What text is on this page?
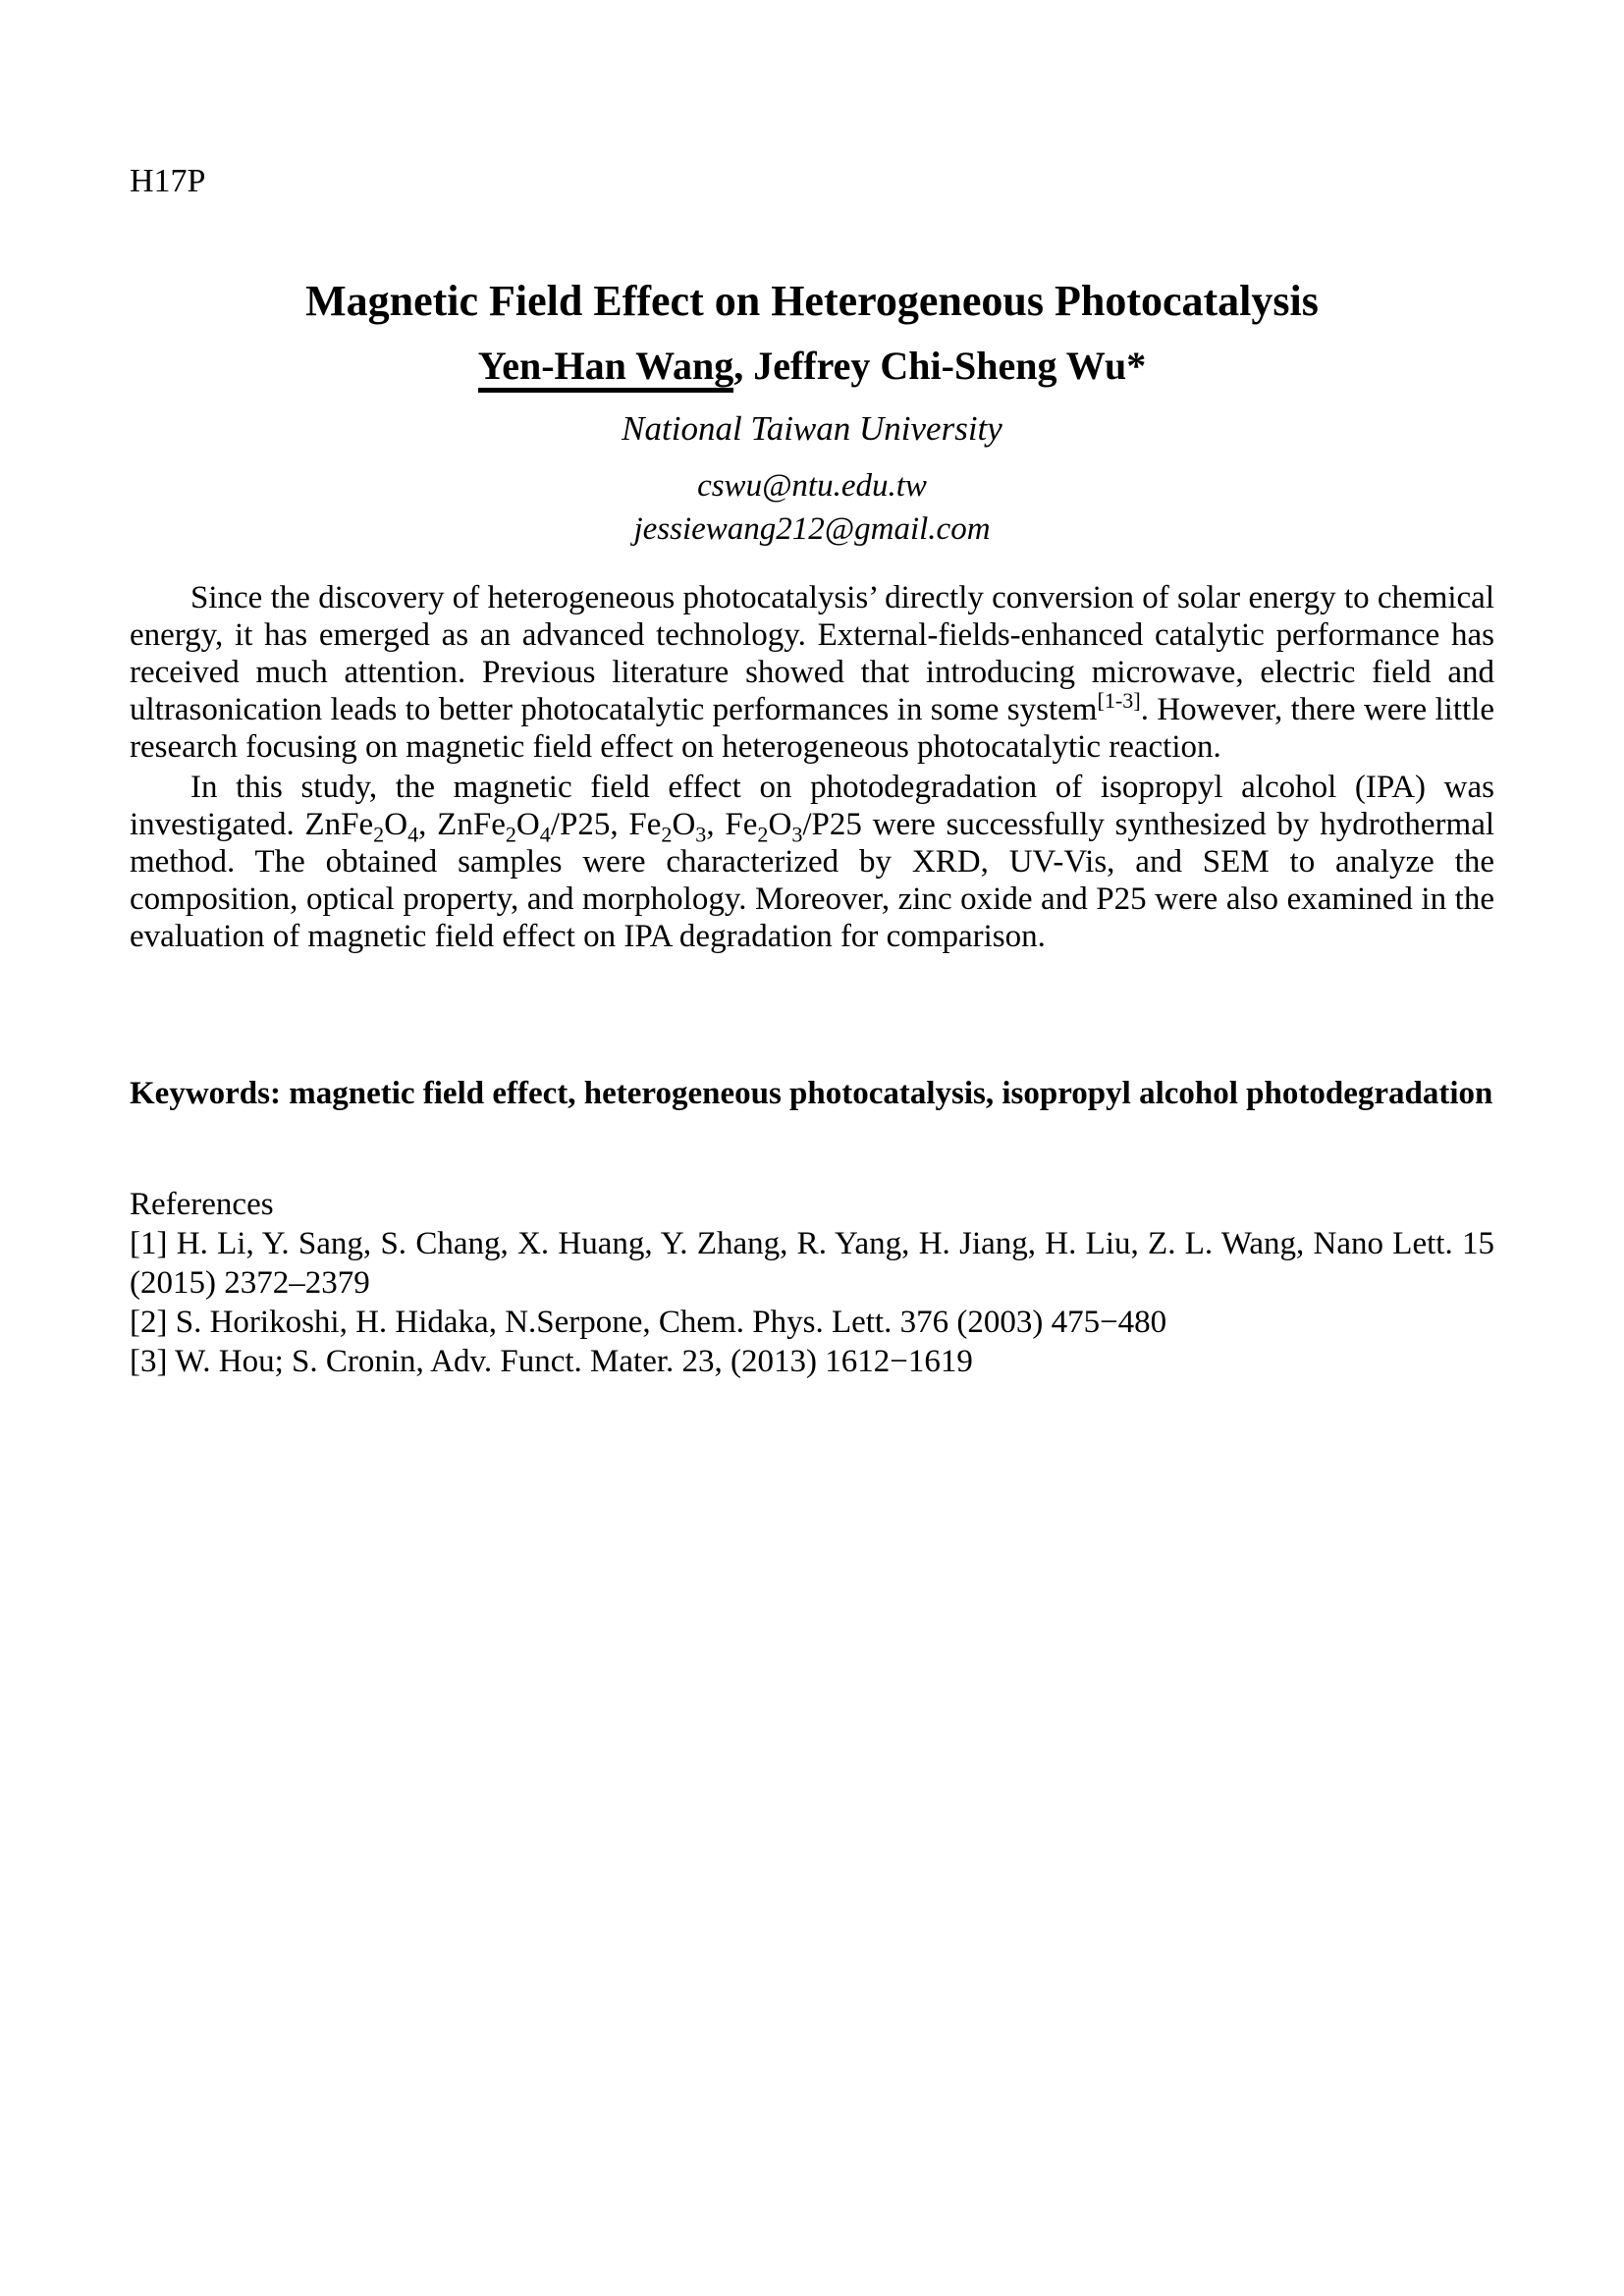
H17P
Magnetic Field Effect on Heterogeneous Photocatalysis
Yen-Han Wang, Jeffrey Chi-Sheng Wu*
National Taiwan University
cswu@ntu.edu.tw
jessiewang212@gmail.com

Since the discovery of heterogeneous photocatalysis’ directly conversion of solar energy to chemical energy, it has emerged as an advanced technology. External-fields-enhanced catalytic performance has received much attention. Previous literature showed that introducing microwave, electric field and ultrasonication leads to better photocatalytic performances in some system[1-3]. However, there were little research focusing on magnetic field effect on heterogeneous photocatalytic reaction.

In this study, the magnetic field effect on photodegradation of isopropyl alcohol (IPA) was investigated. $ZnFe_2O_4$, $ZnFe_2O_4/P25$, $Fe_2O_3$, $Fe_2O_3/P25$ were successfully synthesized by hydrothermal method. The obtained samples were characterized by XRD, UV-Vis, and SEM to analyze the composition, optical property, and morphology. Moreover, zinc oxide and P25 were also examined in the evaluation of magnetic field effect on IPA degradation for comparison.

Keywords: magnetic field effect, heterogeneous photocatalysis, isopropyl alcohol photodegradation

References
[1] H. Li, Y. Sang, S. Chang, X. Huang, Y. Zhang, R. Yang, H. Jiang, H. Liu, Z. L. Wang, Nano Lett. 15 (2015) 2372–2379
[2] S. Horikoshi, H. Hidaka, N.Serpone, Chem. Phys. Lett. 376 (2003) 475−480
[3] W. Hou; S. Cronin, Adv. Funct. Mater. 23, (2013) 1612−1619
